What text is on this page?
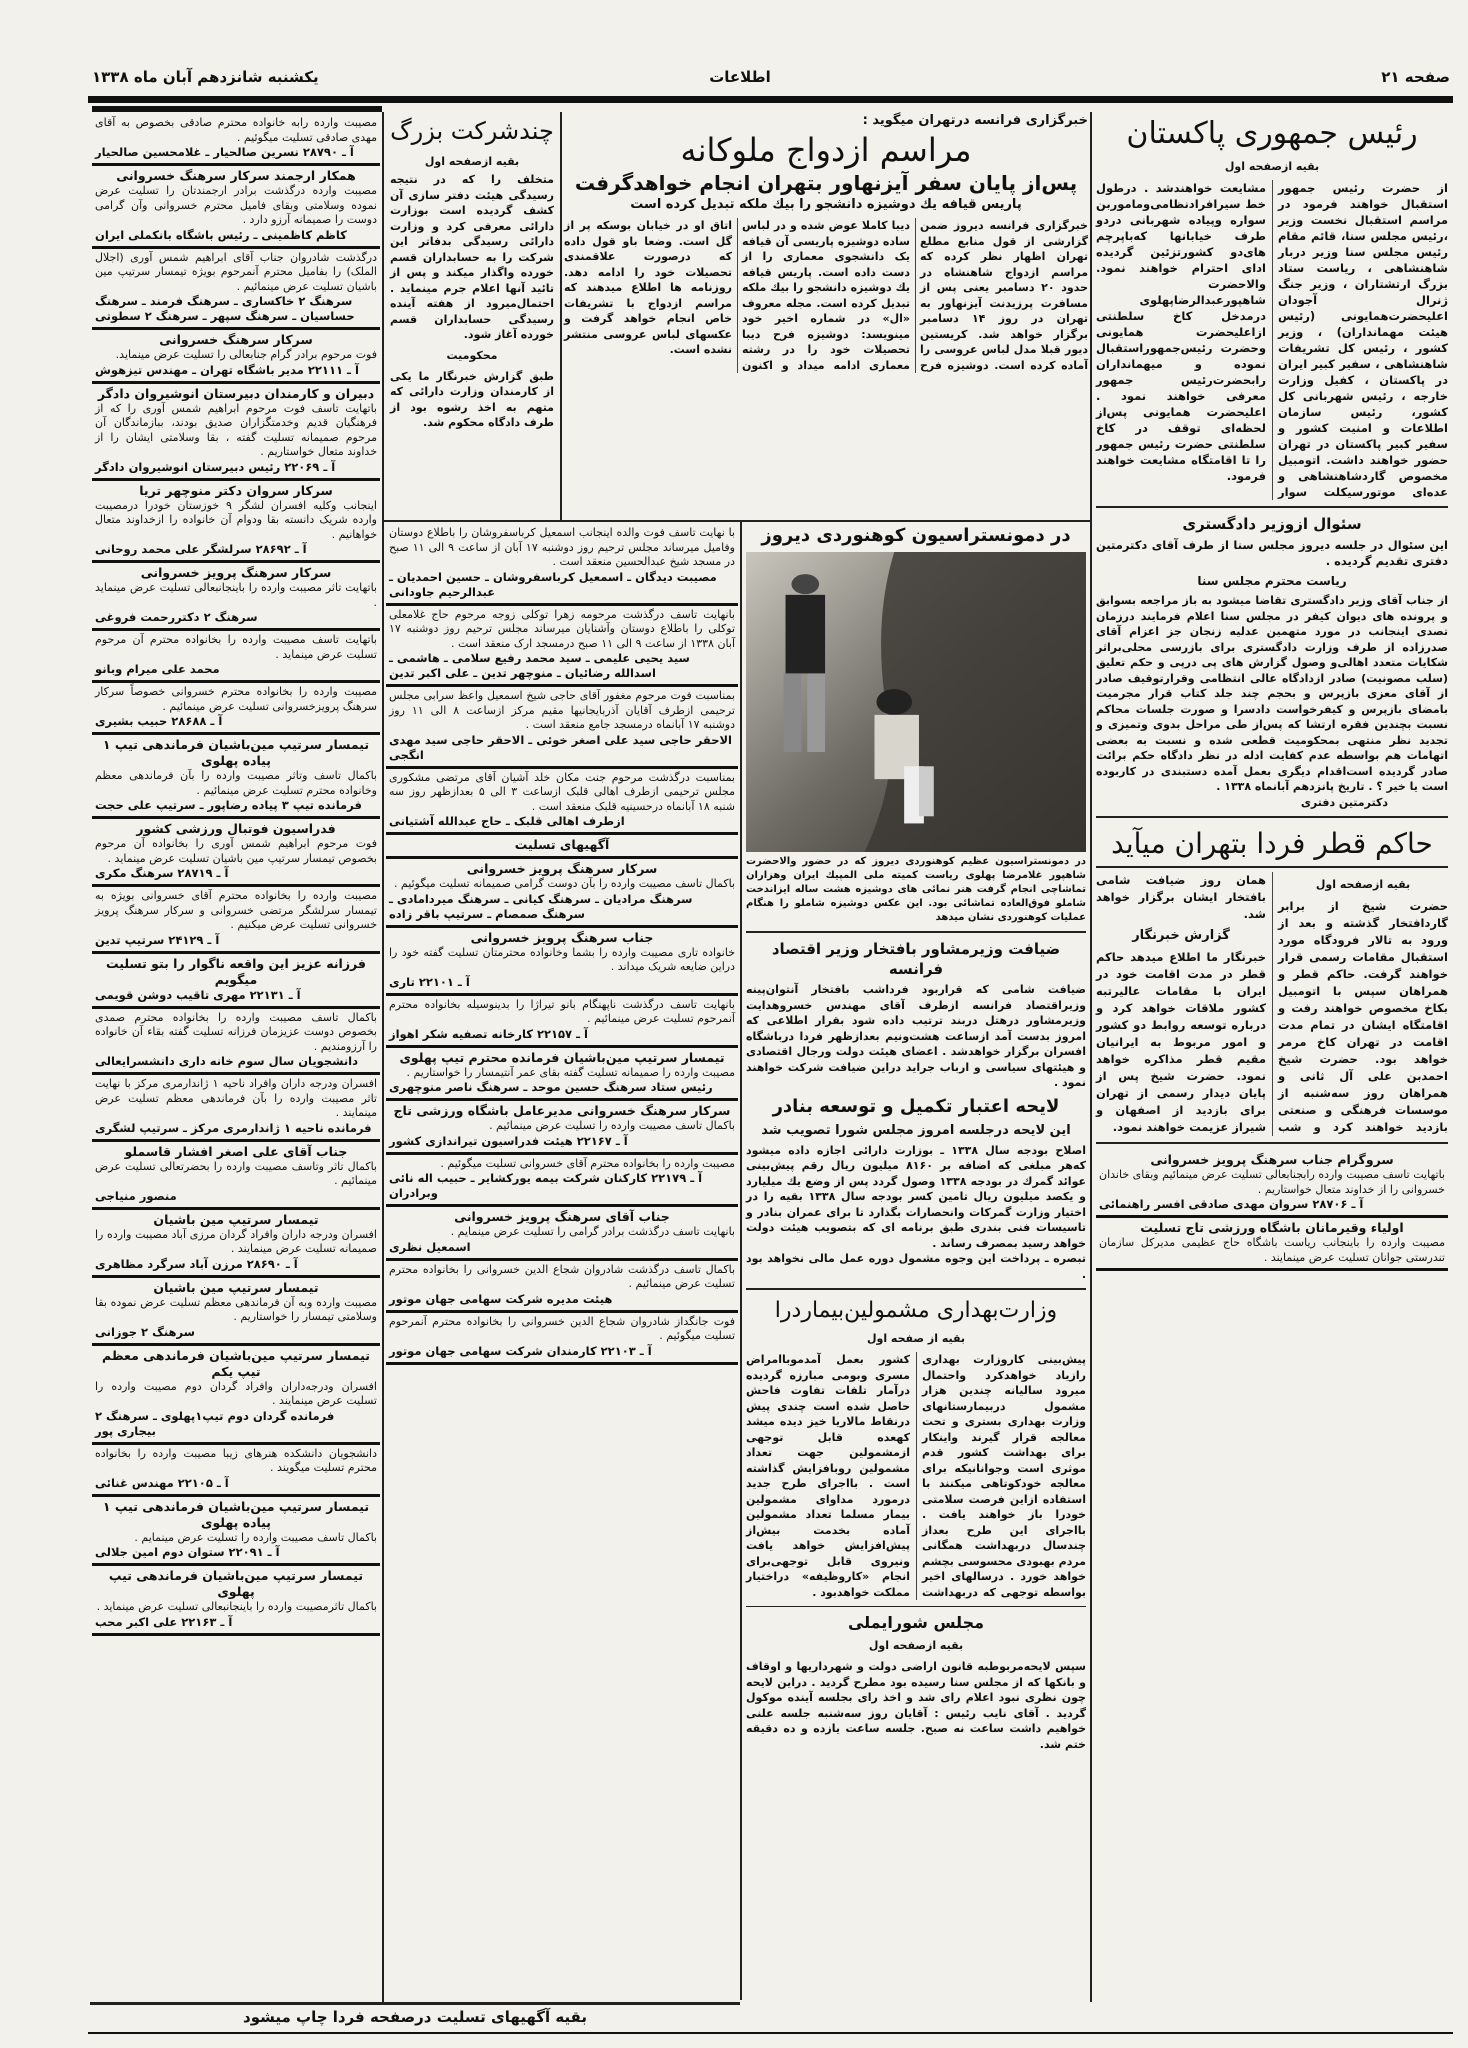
صفحه ۲۱
اطلاعات
یکشنبه شانزدهم آبان ماه ۱۳۳۸
مصیبت وارده رابه خانواده محترم صادقی بخصوص به آقای مهدی صادقی تسلیت میگوئیم .
آ ـ ۲۸۷۹۰ نسرین صالحیار ـ غلامحسین صالحیار
همکار ارجمند سرکار سرهنگ خسروانی
مصیبت وارده درگذشت برادر ارجمندتان را تسلیت عرض نموده وسلامتی وبقای فامیل محترم خسروانی وآن گرامی دوست را صمیمانه آرزو دارد .
کاظم کاظمینی ـ رئیس باشگاه بانکملی ایران
درگذشت شادروان جناب آقای ابراهیم شمس آوری (اجلال الملک) را بفامیل محترم آنمرحوم بویژه تیمسار سرتیپ مین باشیان تسلیت عرض مینمائیم .
سرهنگ ۲ خاکساری ـ سرهنگ فرمند ـ سرهنگ حساسیان ـ سرهنگ سپهر ـ سرهنگ ۲ سطوتی
سرکار سرهنگ خسروانی
فوت مرحوم برادر گرام جنابعالی را تسلیت عرض مینماید.
آ ـ ۲۲۱۱۱ مدیر باشگاه تهران ـ مهندس تیزهوش
دبیران و کارمندان دبیرستان انوشیروان دادگر
باتهایت تاسف فوت مرحوم ابراهیم شمس آوری را که از فرهنگیان قدیم وخدمتگزاران صدیق بودند، ببازماندگان آن مرحوم صمیمانه تسلیت گفته ، بقا وسلامتی ایشان را از خداوند متعال خواستاریم .
آ ـ ۲۲۰۶۹ رئیس دبیرستان انوشیروان دادگر
سرکار سروان دکتر منوچهر تریا
اینجانب وکلیه افسران لشگر ۹ خوزستان خودرا درمصیبت وارده شریک دانسته بقا ودوام آن خانواده را ازخداوند متعال خواهانیم .
آ ـ ۲۸۶۹۲ سرلشگر علی محمد روحانی
سرکار سرهنگ پرویز خسروانی
باتهایت تاثر مصیبت وارده را باینجانبعالی تسلیت عرض مینماید .
سرهنگ ۲ دکتررحمت فروغی
باتهایت تاسف مصیبت وارده را بخانواده محترم آن مرحوم تسلیت عرض مینماید .
محمد علی میرام وبانو
مصیبت وارده را بخانواده محترم خسروانی خصوصاً سرکار سرهنگ پرویزخسروانی تسلیت عرض مینمائیم .
آ ـ ۲۸۶۸۸ حبیب بشیری
تیمسار سرتیپ مین‌باشیان فرماندهی تیپ ۱ پیاده پهلوی
باکمال تاسف وتاثر مصیبت وارده را بآن فرماندهی معظم وخانواده محترم تسلیت عرض مینمائیم .
فرمانده تیپ ۳ پیاده رضاپور ـ سرتیپ علی حجت
فدراسیون فوتبال ورزشی کشور
فوت مرحوم ابراهیم شمس آوری را بخانواده آن مرحوم بخصوص تیمسار سرتیپ مین باشیان تسلیت عرض مینماید .
آ ـ ۲۸۷۱۹ سرهنگ مکری
مصیبت وارده را بخانواده محترم آقای خسروانی بویژه به تیمسار سرلشگر مرتضی خسروانی و سرکار سرهنگ پرویز خسروانی تسلیت عرض میکنیم .
آ ـ ۲۴۱۲۹ سرتیپ تدین
فرزانه عزیز این واقعه ناگوار را بتو تسلیت میگویم
آ ـ ۲۲۱۳۱ مهری تاقیب دوشن قویمی
باکمال تاسف مصیبت وارده را بخانواده محترم صمدی بخصوص دوست عزیزمان فرزانه تسلیت گفته بقاء آن خانواده را آرزومندیم .
دانشجویان سال سوم خانه داری دانشسرایعالی
افسران ودرجه داران وافراد ناحیه ۱ ژاندارمری مرکز با نهایت تاثر مصیبت وارده را بآن فرماندهی معظم تسلیت عرض مینمایند .
فرمانده ناحیه ۱ ژاندارمری مرکز ـ سرتیپ لشگری
جناب آقای علی اصغر افشار قاسملو
باکمال تاثر وتاسف مصیبت وارده را بحضرتعالی تسلیت عرض مینمائیم .
منصور منیاجی
تیمسار سرتیپ مین باشیان
افسران ودرجه داران وافراد گردان مرزی آباد مصیبت وارده را صمیمانه تسلیت عرض مینمایند .
آ ـ ۲۸۶۹۰ مرزن آباد سرگرد مظاهری
تیمسار سرتیپ مین باشیان
مصیبت وارده وبه آن فرماندهی معظم تسلیت عرض نموده بقا وسلامتی تیمسار را خواستاریم .
سرهنگ ۲ جوزانی
تیمسار سرتیپ مین‌باشیان فرماندهی معظم تیپ یکم
افسران ودرجه‌داران وافراد گردان دوم مصیبت وارده را تسلیت عرض مینمایند .
فرمانده گردان دوم تیپ۱پهلوی ـ سرهنگ ۲ بیجاری پور
دانشجویان دانشکده هنرهای زیبا مصیبت وارده را بخانواده محترم تسلیت میگویند .
آ ـ ۲۲۱۰۵ مهندس غنائی
تیمسار سرتیپ مین‌باشیان فرماندهی تیپ ۱ پیاده پهلوی
باکمال تاسف مصیبت وارده را تسلیت عرض مینمایم .
آ ـ ۲۲۰۹۱ ستوان دوم امین جلالی
تیمسار سرتیپ مین‌باشیان فرماندهی تیپ پهلوی
باکمال تاثرمصیبت وارده را باینجانبعالی تسلیت عرض مینماید .
آ ـ ۲۲۱۶۳ علی اکبر محب
چندشرکت بزرگ
بقیه ازصفحه اول
متخلف را که در نتیجه رسیدگی هیئت دفتر سازی آن کشف گردیده است بوزارت دارائی معرفی کرد و وزارت دارائی رسیدگی بدفاتر این شرکت را به حسابداران قسم خورده واگذار میکند و پس از تائید آنها اعلام جرم مینماید . احتمال‌میرود از هفته آینده رسیدگی حسابداران قسم خورده آغاز شود.
محکومیت
طبق گزارش خبرنگار ما یکی از کارمندان وزارت دارائی که متهم به اخذ رشوه بود از طرف دادگاه محکوم شد.
با نهایت تاسف فوت والده اینجانب اسمعیل کرباسفروشان را باطلاع دوستان وفامیل میرساند مجلس ترحیم روز دوشنبه ۱۷ آبان از ساعت ۹ الی ۱۱ صبح در مسجد شیخ عبدالحسین منعقد است .
مصیبت دیدگان ـ اسمعیل کرباسفروشان ـ حسین احمدیان ـ عبدالرحیم جاودانی
بانهایت تاسف درگذشت مرحومه زهرا توکلی زوجه مرحوم حاج غلامعلی توکلی را باطلاع دوستان وآشنایان میرساند مجلس ترحیم روز دوشنبه ۱۷ آبان ۱۳۳۸ از ساعت ۹ الی ۱۱ صبح درمسجد ارک منعقد است .
سید یحیی علیمی ـ سید محمد رفیع سلامی ـ هاشمی ـ اسدالله رضائیان ـ منوچهر تدین ـ علی اکبر تدین
بمناسبت فوت مرحوم مغفور آقای حاجی شیخ اسمعیل واعظ سرابی مجلس ترحیمی ازطرف آقایان آذربایجانیها مقیم مرکز ازساعت ۸ الی ۱۱ روز دوشنبه ۱۷ آبانماه درمسجد جامع منعقد است .
الاحقر حاجی سید علی اصغر خوئی ـ الاحقر حاجی سید مهدی انگجی
بمناسبت درگذشت مرحوم جنت مکان خلد آشیان آقای مرتضی مشکوری مجلس ترحیمی ازطرف اهالی قلبک ازساعت ۳ الی ۵ بعدازظهر روز سه شنبه ۱۸ آبانماه درحسینیه قلبک منعقد است .
ازطرف اهالی قلبک ـ حاج عبدالله آشتیانی
آگهیهای تسلیت
سرکار سرهنگ پرویز خسروانی
باکمال تاسف مصیبت وارده را بآن دوست گرامی صمیمانه تسلیت میگوئیم .
سرهنگ مرادیان ـ سرهنگ کیانی ـ سرهنگ میردامادی ـ سرهنگ صمصام ـ سرتیپ باقر زاده
جناب سرهنگ پرویز خسروانی
خانواده تاری مصیبت وارده را بشما وخانواده محترمتان تسلیت گفته خود را دراین ضایعه شریک میداند .
آ ـ ۲۲۱۰۱ تاری
بانهایت تاسف درگذشت ناپهنگام بانو تیراژا را بدینوسیله بخانواده محترم آنمرحوم تسلیت عرض مینمائیم .
آ ـ ۲۲۱۵۷ کارخانه تصفیه شکر اهواز
تیمسار سرتیپ مین‌باشیان فرمانده محترم تیپ پهلوی
مصیبت وارده را صمیمانه تسلیت گفته بقای عمر آنتیمسار را خواستاریم .
رئیس ستاد سرهنگ حسین موحد ـ سرهنگ ناصر منوچهری
سرکار سرهنگ خسروانی مدیرعامل باشگاه ورزشی تاج
باکمال تاسف مصیبت وارده را تسلیت عرض مینمائیم .
آ ـ ۲۲۱۶۷ هیئت فدراسیون تیراندازی کشور
مصیبت وارده را بخانواده محترم آقای خسروانی تسلیت میگوئیم .
آ ـ ۲۲۱۷۹ کارکنان شرکت بیمه یورکشایر ـ حبیب اله نائی وبرادران
جناب آقای سرهنگ پرویز خسروانی
بانهایت تاسف درگذشت برادر گرامی را تسلیت عرض مینمایم .
اسمعیل نظری
باکمال تاسف درگذشت شادروان شجاع الدین خسروانی را بخانواده محترم تسلیت عرض مینمائیم .
هیئت مدیره شرکت سهامی جهان موتور
فوت جانگداز شادروان شجاع الدین خسروانی را بخانواده محترم آنمرحوم تسلیت میگوئیم .
آ ـ ۲۲۱۰۳ کارمندان شرکت سهامی جهان موتور
خبرگزاری فرانسه درتهران میگوید :
مراسم ازدواج ملوکانه
پس‌از پایان سفر آیزنهاور بتهران انجام خواهدگرفت
پاریس قیافه یك دوشیزه دانشجو را بیك ملکه تبدیل کرده است
خبرگزاری فرانسه دیروز ضمن گزارشی از قول منابع مطلع تهران اظهار نظر کرده که مراسم ازدواج شاهنشاه در حدود ۲۰ دسامبر یعنی پس از مسافرت پرزیدنت آیزنهاور به تهران در روز ۱۴ دسامبر برگزار خواهد شد. کریستین دیور قبلا مدل لباس عروسی را آماده کرده است. دوشیزه فرح دیبا کاملا عوض شده و در لباس ساده دوشیزه پاریسی آن قیافه یک دانشجوی معماری را از دست داده است. پاریس قیافه یك دوشیزه دانشجو را بیك ملکه تبدیل کرده است. مجله معروف «ال» در شماره اخیر خود مینویسد: دوشیزه فرح دیبا تحصیلات خود را در رشته معماری ادامه میداد و اکنون اتاق او در خیابان بوسکه پر از گل است. وضعا باو قول داده که درصورت علاقمندی تحصیلات خود را ادامه دهد. روزنامه ها اطلاع میدهند که مراسم ازدواج با تشریفات خاص انجام خواهد گرفت و عکسهای لباس عروسی منتشر نشده است.
در دمونستراسیون کوهنوردی دیروز
در دمونستراسیون عظیم کوهنوردی دیروز که در حضور والاحضرت شاهپور غلامرضا پهلوی ریاست کمیته ملی المپیك ایران وهزاران تماشاچی انجام گرفت هنر نمائی های دوشیزه هشت ساله ایزاندخت شاملو فوق‌العاده تماشائی بود. این عکس دوشیزه شاملو را هنگام عملیات کوهنوردی نشان میدهد
ضیافت وزیرمشاور بافتخار وزیر اقتصاد فرانسه
ضیافت شامی که قراربود فرداشب بافتخار آنتوان‌پینه وزیراقتصاد فرانسه ازطرف آقای مهندس خسروهدایت وزیرمشاور درهتل دربند ترتیب داده شود بقرار اطلاعی که امروز بدست آمد ازساعت هشت‌ونیم بعدازظهر فردا درباشگاه افسران برگزار خواهدشد . اعضای هیئت دولت ورجال اقتصادی و هیئتهای سیاسی و ارباب جراید دراین ضیافت شرکت خواهند نمود .
لایحه اعتبار تکمیل و توسعه بنادر
این لایحه درجلسه امروز مجلس شورا تصویب شد
اصلاح بودجه سال ۱۳۳۸ ـ بوزارت دارائی اجازه داده میشود که‌هر مبلغی که اضافه بر ۸۱۶۰ میلیون ریال رقم پیش‌بینی عوائد گمرك در بودجه ۱۳۳۸ وصول گردد پس از وضع یك میلیارد و یکصد میلیون ریال تامین کسر بودجه سال ۱۳۳۸ بقیه را در اختیار وزارت گمرکات وانحصارات بگذارد تا برای عمران بنادر و تاسیسات فنی بندری طبق برنامه ای که بتصویب هیئت دولت خواهد رسید بمصرف رساند .
تبصره ـ پرداخت این وجوه مشمول دوره عمل مالی نخواهد بود .
وزارت‌بهداری مشمولین‌بیمار‌درا
بقیه از صفحه اول
پیش‌بینی کاروزارت بهداری رازیاد خواهدکرد واحتمال میرود سالیانه چندین هزار مشمول دربیمارستانهای وزارت بهداری بستری و تحت معالجه قرار گیرند واینکار برای بهداشت کشور قدم موثری است وجوانانیکه برای معالجه خودکوتاهی میکنند با استفاده ازاین فرصت سلامتی خودرا باز خواهند یافت . بااجرای این طرح بعداز چندسال دربهداشت همگانی مردم بهبودی محسوسی بچشم خواهد خورد . درسالهای اخیر بواسطه توجهی که دربهداشت کشور بعمل آمدموباامراض مسری وبومی مبارزه گردیده درآمار تلفات تفاوت فاحش حاصل شده است چندی پیش درنقاط مالاریا خیز دیده میشد کهعده قابل توجهی ازمشمولین جهت تعداد مشمولین روبافزایش گذاشته است . بااجرای طرح جدید درمورد مداوای مشمولین بیمار مسلما تعداد مشمولین آماده بخدمت بیش‌از پیش‌افزایش خواهد یافت ونیروی قابل توجهی‌برای انجام «کاروظیفه» دراختیار مملکت خواهدبود .
مجلس شورایملی
بقیه ازصفحه اول
سپس لایحه‌مربوطبه قانون اراضی دولت و شهرداریها و اوقاف و بانکها که از مجلس سنا رسیده بود مطرح گردید . دراین لایحه چون نظری نبود اعلام رای شد و اخذ رای بجلسه آینده موکول گردید . آقای نایب رئیس : آقایان روز سه‌شنبه جلسه علنی خواهیم داشت ساعت نه صبح. جلسه ساعت یازده و ده دقیقه ختم شد.
رئیس جمهوری پاکستان
بقیه ازصفحه اول
از حضرت رئیس جمهور استقبال خواهند فرمود در مراسم استقبال نخست وزیر ،رئیس مجلس سنا، قائم مقام رئیس مجلس سنا وزیر دربار شاهنشاهی ، ریاست ستاد بزرگ ارتشتاران ، وزیر جنگ ژنرال آجودان اعلیحضرت‌همایونی (رئیس هیئت مهمانداران) ، وزیر کشور ، رئیس کل تشریفات شاهنشاهی ، سفیر کبیر ایران در پاکستان ، کفیل وزارت خارجه ، رئیس شهربانی کل کشور، رئیس سازمان اطلاعات و امنیت کشور و سفیر کبیر پاکستان در تهران حضور خواهند داشت. اتومبیل مخصوص گارد‌شاهنشاهی و عده‌ای موتورسیکلت سوار مشایعت خواهندشد . درطول خط سیرافرادنظامی‌وماموربن سواره وپیاده شهربانی دردو طرف خیابانها که‌باپرچم های‌دو کشورتزئین گردیده ادای احترام خواهند نمود. والاحضرت شاهپورعبدالرضاپهلوی درمدخل کاخ سلطنتی ازاعلیحضرت همایونی وحضرت رئیس‌جمهوراستقبال نموده و میهمانداران رابحضرت‌رئیس جمهور معرفی خواهند نمود . اعلیحضرت همایونی پس‌از لحظه‌ای توقف در کاخ سلطنتی حضرت رئیس جمهور را تا اقامتگاه مشایعت خواهند فرمود.
سئوال ازوزیر دادگستری
این سئوال در جلسه دیروز مجلس سنا از طرف آقای دکترمتین دفتری تقدیم گردیده .
ریاست محترم مجلس سنا
از جناب آقای وزیر دادگستری تقاضا میشود به باز مراجعه بسوابق و پرونده های دیوان کیفر در مجلس سنا اعلام فرمایند درزمان تصدی اینجانب در مورد متهمین عدلیه زنجان جز اعزام آقای صدرزاده از طرف وزارت دادگستری برای بازرسی محلی‌براثر شکایات متعدد اهالی‌و وصول گزارش های پی درپی و حکم تعلیق (سلب مصونیت) صادر ازدادگاه عالی انتظامی وقرارتوقیف صادر از آقای معزی بازپرس و بحجم چند جلد کتاب قرار مجرمیت بامضای بازپرس و کیفرخواست دادسرا و صورت جلسات محاکم نسبت بچندین فقره ارتشا که پس‌از طی مراحل بدوی وتمیزی و تجدید نظر منتهی بمحکومیت قطعی شده و نسبت به بعضی اتهامات هم بواسطه عدم کفایت ادله در نظر دادگاه حکم برائت صادر گردیده است‌اقدام دیگری بعمل آمده دستبندی در کاربوده است یا خیر ؟ . تاریخ پانزدهم آبانماه ۱۳۳۸ .
دکترمتین دفتری
حاکم قطر فردا بتهران میآید
بقیه ازصفحه اول
حضرت شیخ از برابر گاردافتخار گذشته و بعد از ورود به تالار فرودگاه مورد استقبال مقامات رسمی قرار خواهند گرفت. حاکم قطر و همراهان سپس با اتومبیل بکاخ مخصوص خواهند رفت و اقامتگاه ایشان در تمام مدت اقامت در تهران کاخ مرمر خواهد بود. حضرت شیخ احمدبن علی آل ثانی و همراهان روز سه‌شنبه از موسسات فرهنگی و صنعتی بازدید خواهند کرد و شب همان روز ضیافت شامی بافتخار ایشان برگزار خواهد شد.
گزارش خبرنگار
خبرنگار ما اطلاع میدهد حاکم قطر در مدت اقامت خود در ایران با مقامات عالیرتبه کشور ملاقات خواهد کرد و درباره توسعه روابط دو کشور و امور مربوط به ایرانیان مقیم قطر مذاکره خواهد نمود. حضرت شیخ پس از پایان دیدار رسمی از تهران برای بازدید از اصفهان و شیراز عزیمت خواهند نمود.
سروگرام جناب سرهنگ پرویز خسروانی
باتهایت تاسف مصیبت وارده رابجنابعالی تسلیت عرض مینمائیم وبقای خاندان خسروانی را از خداوند متعال خواستاریم .
آ ـ ۲۸۷۰۶ سروان مهدی صادقی افسر راهنمائی
اولیاء وقیرمانان باشگاه ورزشی تاج تسلیت
مصیبت وارده را باینجانب ریاست باشگاه حاج عظیمی مدیرکل سازمان تندرستی جوانان تسلیت عرض مینمایند .
بقیه آگهیهای تسلیت درصفحه فردا چاپ میشود
